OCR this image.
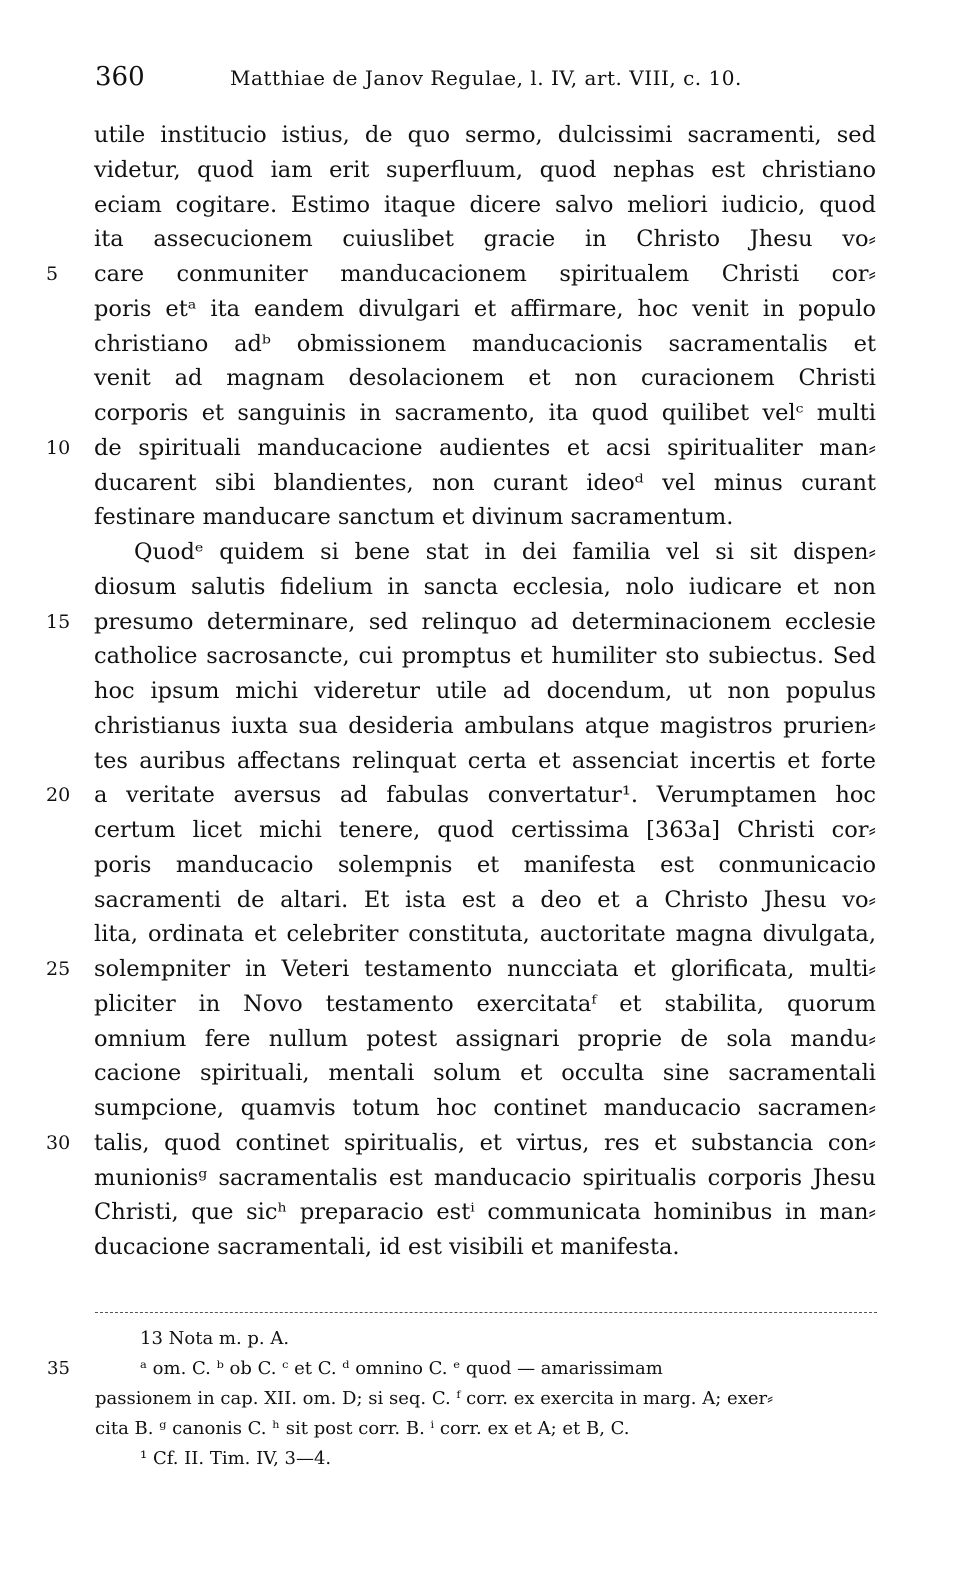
360	Matthiae de Janov Regulae, l. IV, art. VIII, c. 10.
utile institucio istius, de quo sermo, dulcissimi sacramenti, sed
videtur, quod iam erit superfluum, quod nephas est christiano
eciam cogitare. Estimo itaque dicere salvo meliori iudicio, quod
ita assecucionem cuiuslibet gracie in Christo Jhesu vo⸗
5	care conmuniter manducacionem spiritualem Christi cor⸗
poris etᵃ ita eandem divulgari et affirmare, hoc venit in populo
christiano adᵇ obmissionem manducacionis sacramentalis et
venit ad magnam desolacionem et non curacionem Christi
corporis et sanguinis in sacramento, ita quod quilibet velᶜ multi
10	de spirituali manducacione audientes et acsi spiritualiter man⸗
ducarent sibi blandientes, non curant ideoᵈ vel minus curant
festinare manducare sanctum et divinum sacramentum.
Quodᵉ quidem si bene stat in dei familia vel si sit dispen⸗
diosum salutis fidelium in sancta ecclesia, nolo iudicare et non
15	presumo determinare, sed relinquo ad determinacionem ecclesie
catholice sacrosancte, cui promptus et humiliter sto subiectus. Sed
hoc ipsum michi videretur utile ad docendum, ut non populus
christianus iuxta sua desideria ambulans atque magistros prurien⸗
tes auribus affectans relinquat certa et assenciat incertis et forte
20	a veritate aversus ad fabulas convertatur¹. Verumptamen hoc
certum licet michi tenere, quod certissima [363a] Christi cor⸗
poris manducacio solempnis et manifesta est conmunicacio
sacramenti de altari. Et ista est a deo et a Christo Jhesu vo⸗
lita, ordinata et celebriter constituta, auctoritate magna divulgata,
25	solempniter in Veteri testamento nuncciata et glorificata, multi⸗
pliciter in Novo testamento exercitataᶠ et stabilita, quorum
omnium fere nullum potest assignari proprie de sola mandu⸗
cacione spirituali, mentali solum et occulta sine sacramentali
sumpcione, quamvis totum hoc continet manducacio sacramen⸗
30	talis, quod continet spiritualis, et virtus, res et substancia con⸗
munionisᵍ sacramentalis est manducacio spiritualis corporis Jhesu
Christi, que sicʰ preparacio estⁱ communicata hominibus in man⸗
ducacione sacramentali, id est visibili et manifesta.
13 Nota m. p. A.
35	ᵃ om. C. ᵇ ob C. ᶜ et C. ᵈ omnino C. ᵉ quod — amarissimam
passionem in cap. XII. om. D; si seq. C. ᶠ corr. ex exercita in marg. A; exer⸗
cita B. ᵍ canonis C. ʰ sit post corr. B. ⁱ corr. ex et A; et B, C.
¹ Cf. II. Tim. IV, 3—4.
